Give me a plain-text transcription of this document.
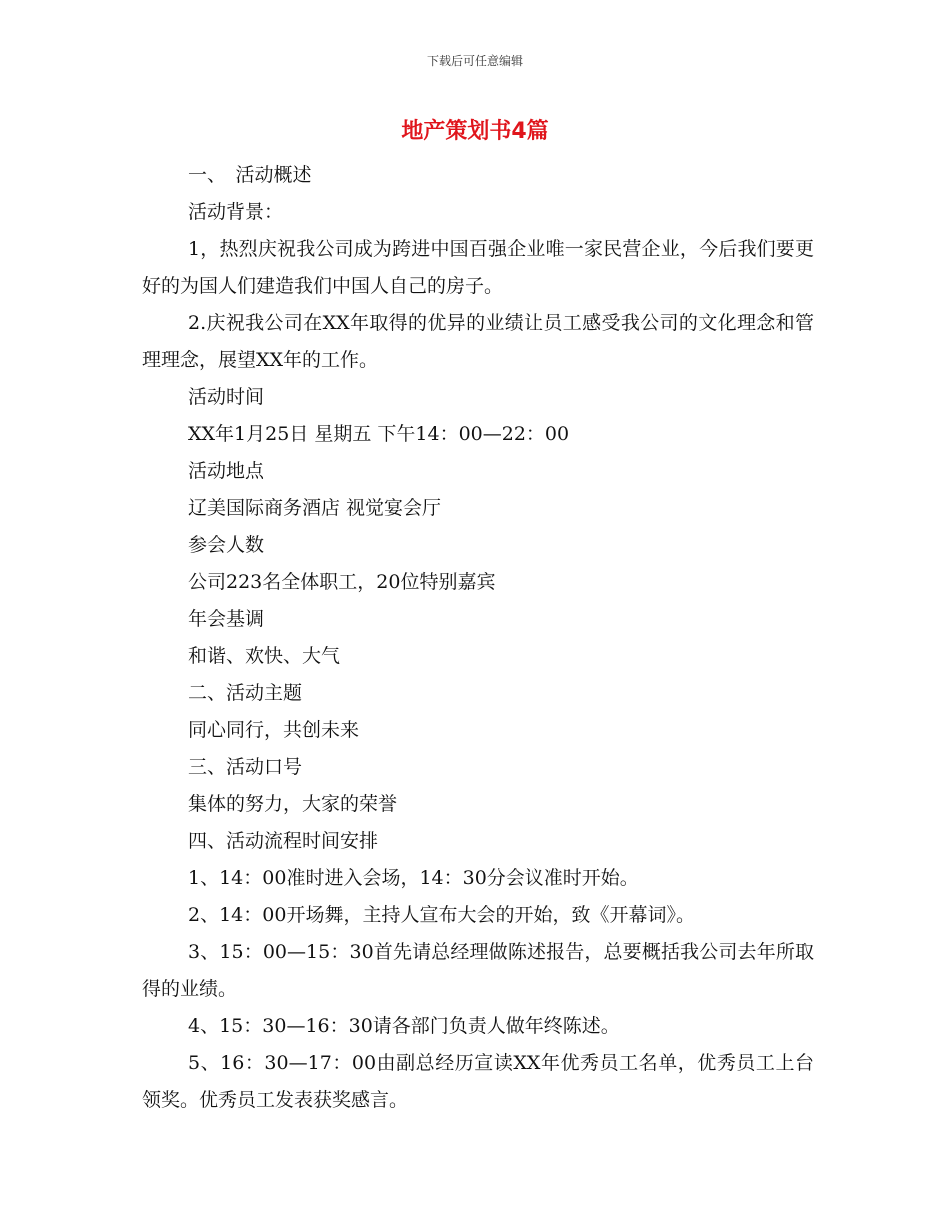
下载后可任意编辑
地产策划书4篇

一、　活动概述

活动背景：

1，热烈庆祝我公司成为跨进中国百强企业唯一家民营企业，今后我们要更好的为国人们建造我们中国人自己的房子。

2.庆祝我公司在XX年取得的优异的业绩让员工感受我公司的文化理念和管理理念，展望XX年的工作。

活动时间

XX年1月25日 星期五 下午14：00—22：00

活动地点

辽美国际商务酒店 视觉宴会厅

参会人数

公司223名全体职工，20位特别嘉宾

年会基调

和谐、欢快、大气

二、活动主题

同心同行，共创未来

三、活动口号

集体的努力，大家的荣誉

四、活动流程时间安排

1、14：00准时进入会场，14：30分会议准时开始。

2、14：00开场舞，主持人宣布大会的开始，致《开幕词》。

3、15：00—15：30首先请总经理做陈述报告，总要概括我公司去年所取得的业绩。

4、15：30—16：30请各部门负责人做年终陈述。

5、16：30—17：00由副总经历宣读XX年优秀员工名单，优秀员工上台领奖。优秀员工发表获奖感言。
